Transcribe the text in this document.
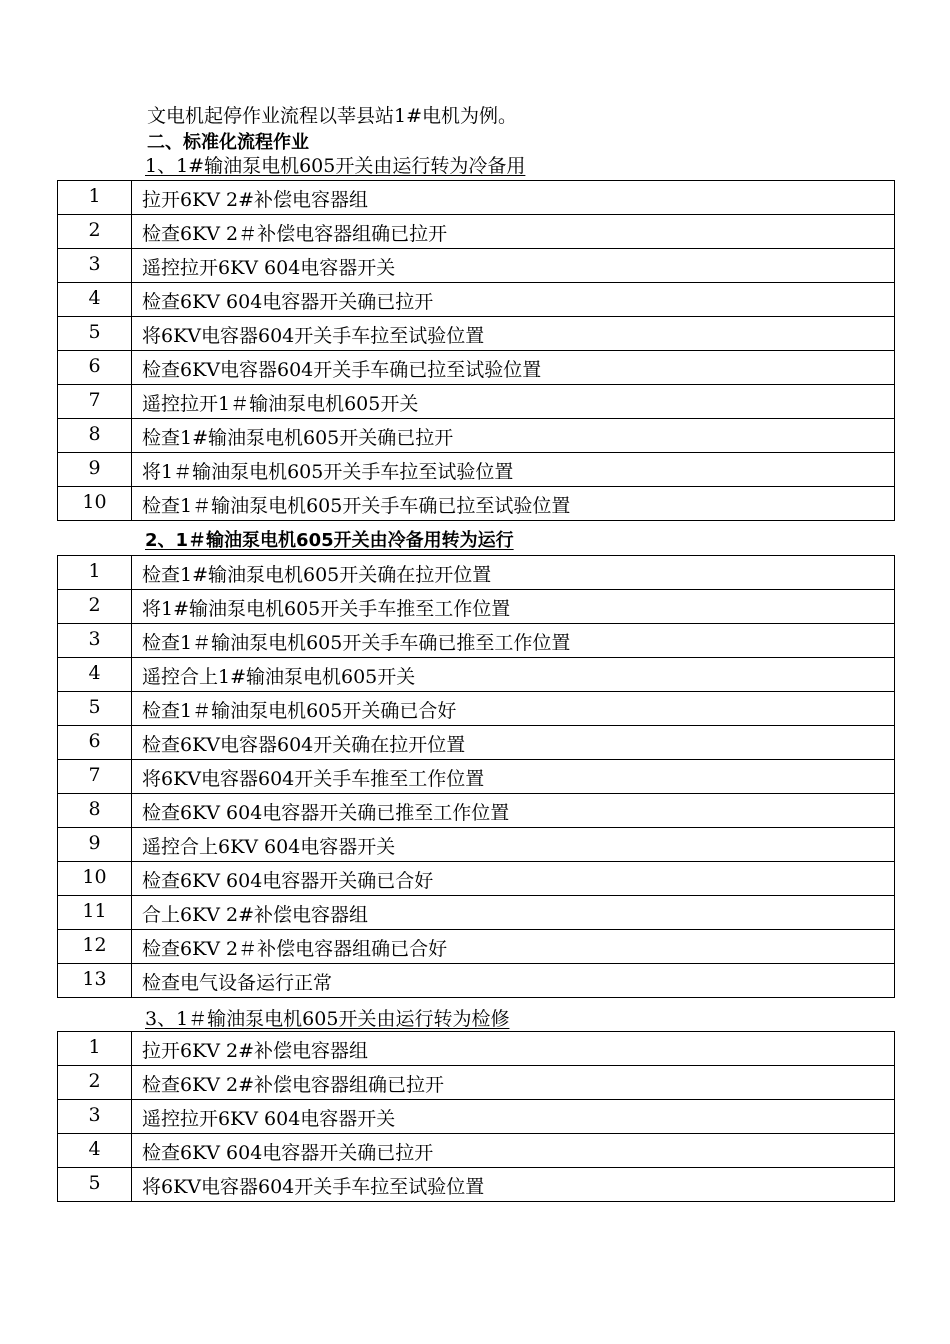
文电机起停作业流程以莘县站1#电机为例。
二、标准化流程作业
1、1#输油泵电机605开关由运行转为冷备用
1	拉开6KV 2#补偿电容器组
2	检查6KV 2＃补偿电容器组确已拉开
3	遥控拉开6KV 604电容器开关
4	检查6KV 604电容器开关确已拉开
5	将6KV电容器604开关手车拉至试验位置
6	检查6KV电容器604开关手车确已拉至试验位置
7	遥控拉开1＃输油泵电机605开关
8	检查1#输油泵电机605开关确已拉开
9	将1＃输油泵电机605开关手车拉至试验位置
10	检查1＃输油泵电机605开关手车确已拉至试验位置
2、1＃输油泵电机605开关由冷备用转为运行
1	检查1#输油泵电机605开关确在拉开位置
2	将1#输油泵电机605开关手车推至工作位置
3	检查1＃输油泵电机605开关手车确已推至工作位置
4	遥控合上1#输油泵电机605开关
5	检查1＃输油泵电机605开关确已合好
6	检查6KV电容器604开关确在拉开位置
7	将6KV电容器604开关手车推至工作位置
8	检查6KV 604电容器开关确已推至工作位置
9	遥控合上6KV 604电容器开关
10	检查6KV 604电容器开关确已合好
11	合上6KV 2#补偿电容器组
12	检查6KV 2＃补偿电容器组确已合好
13	检查电气设备运行正常
3、1＃输油泵电机605开关由运行转为检修
1	拉开6KV 2#补偿电容器组
2	检查6KV 2#补偿电容器组确已拉开
3	遥控拉开6KV 604电容器开关
4	检查6KV 604电容器开关确已拉开
5	将6KV电容器604开关手车拉至试验位置
